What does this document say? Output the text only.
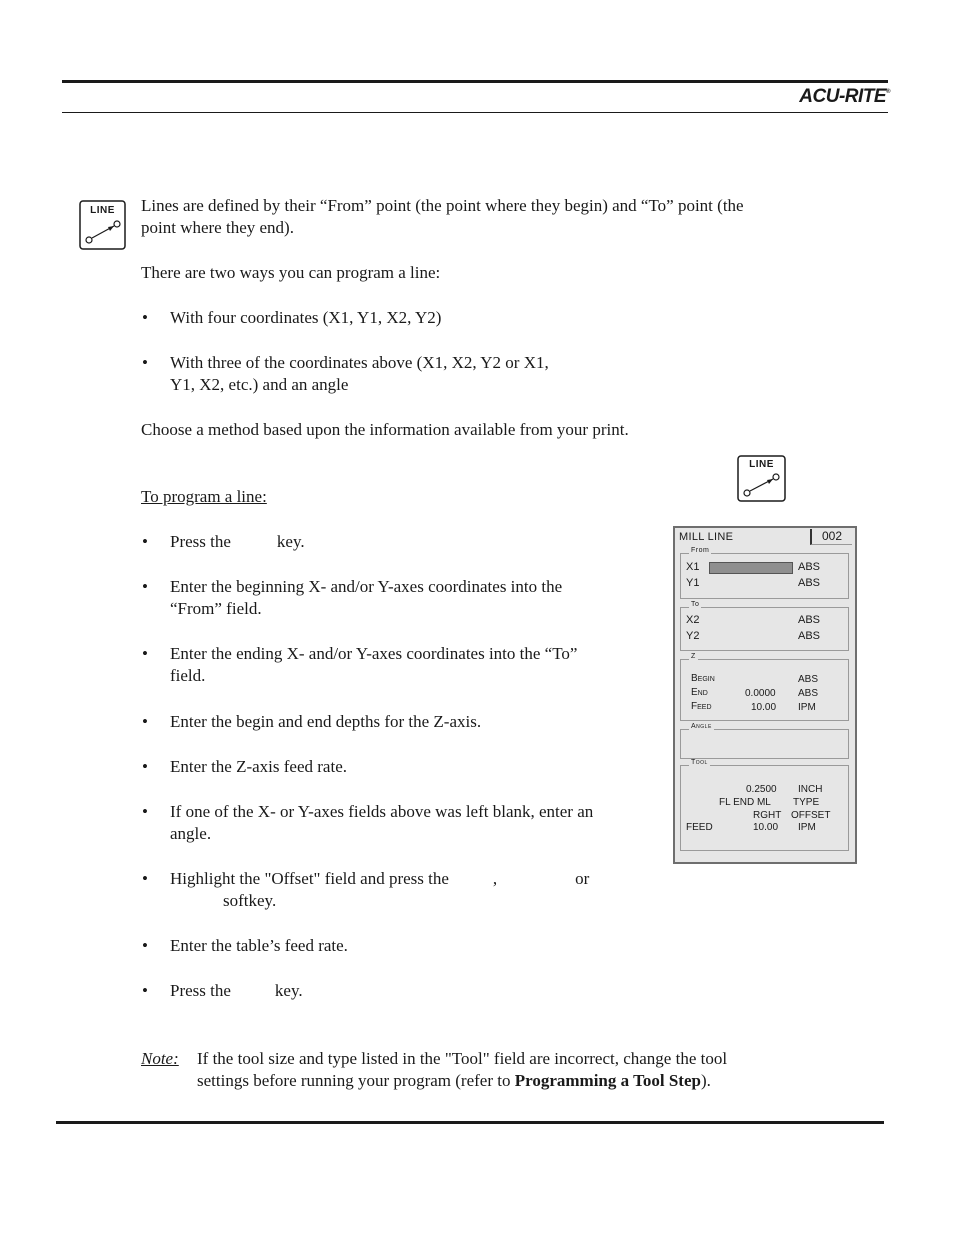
ACU-RITE®
LINE
LINE
Lines are defined by their “From” point (the point where they begin) and “To” point (the
point where they end).
There are two ways you can program a line:
• With four coordinates (X1, Y1, X2, Y2)
• With three of the coordinates above (X1, X2, Y2 or X1,
Y1, X2, etc.) and an angle
Choose a method based upon the information available from your print.
To program a line:
• Press the	key.
• Enter the beginning X- and/or Y-axes coordinates into the
“From” field.
• Enter the ending X- and/or Y-axes coordinates into the “To”
field.
• Enter the begin and end depths for the Z-axis.
• Enter the Z-axis feed rate.
• If one of the X- or Y-axes fields above was left blank, enter an
angle.
• Highlight the "Offset" field and press the	,	or
softkey.
• Enter the table’s feed rate.
• Press the	key.
Note: If the tool size and type listed in the "Tool" field are incorrect, change the tool
settings before running your program (refer to Programming a Tool Step).
MILL LINE	002
From
X1	ABS
Y1	ABS
To
X2	ABS
Y2	ABS
Z
Begin	ABS
End	0.0000 ABS
Feed	10.00 IPM
Angle
Tool
0.2500 INCH
FL END ML TYPE
RGHT OFFSET
FEED	10.00 IPM
